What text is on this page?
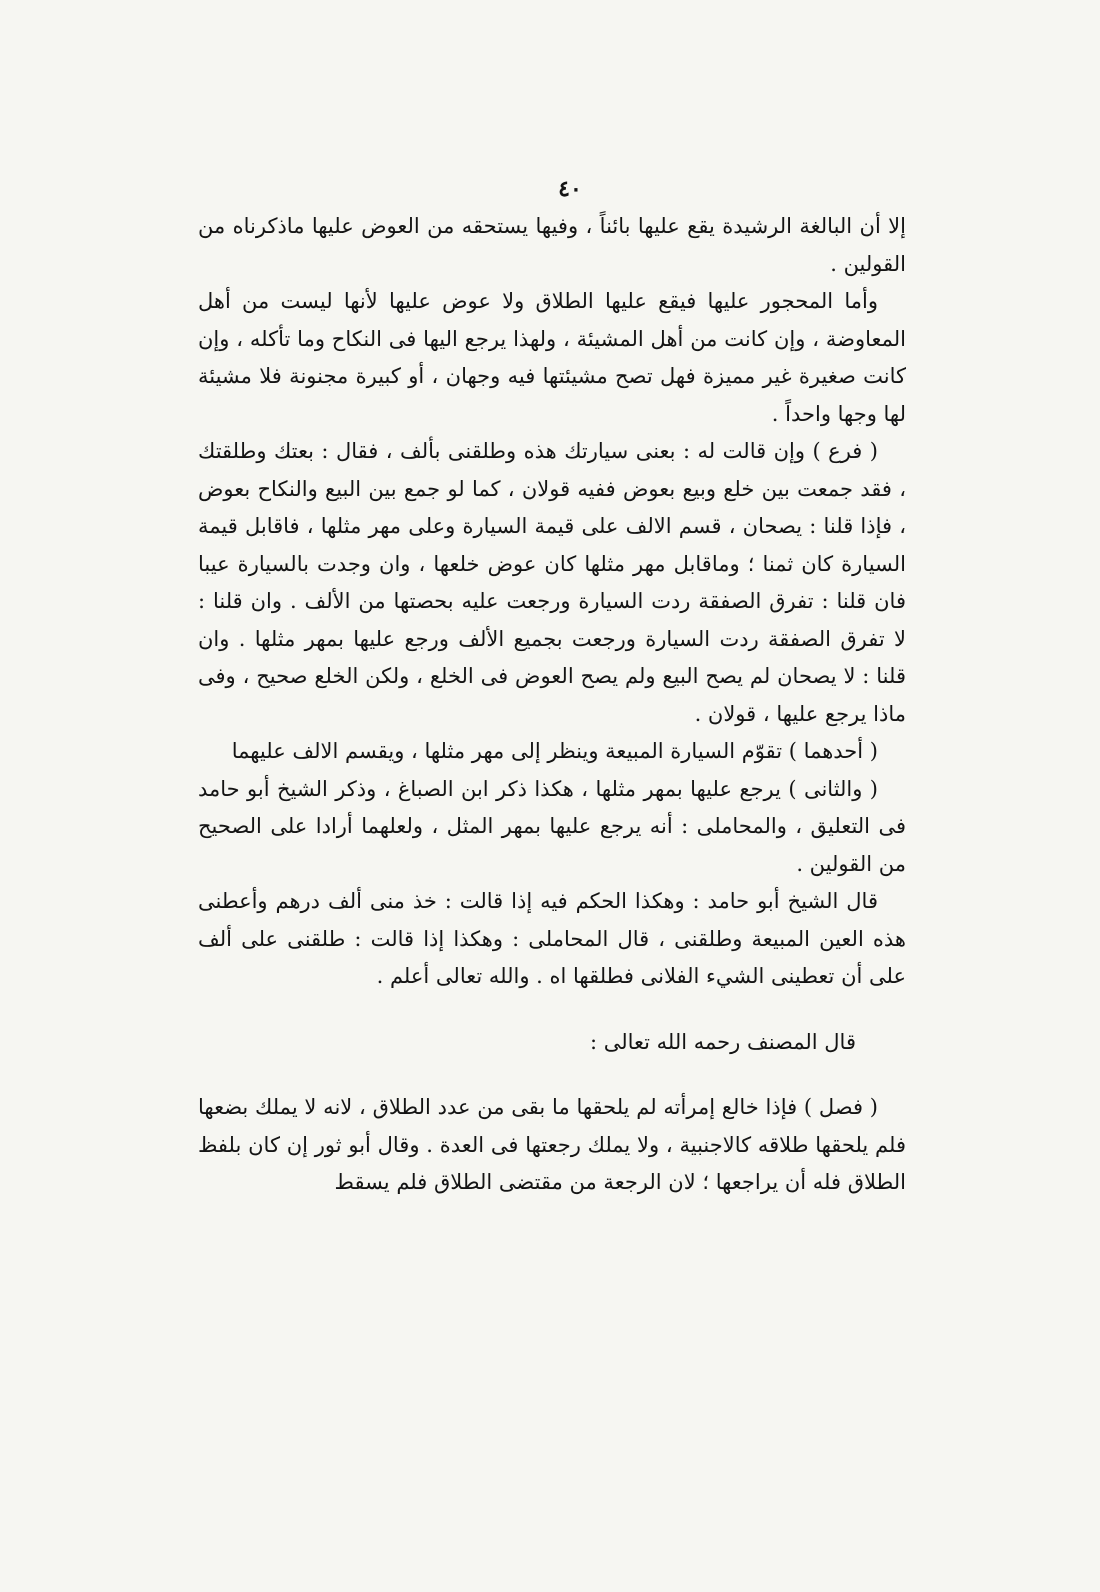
٤٠

إلا أن البالغة الرشيدة يقع عليها بائناً ، وفيها يستحقه من العوض عليها ماذكرناه من القولين .

وأما المحجور عليها فيقع عليها الطلاق ولا عوض عليها لأنها ليست من أهل المعاوضة ، وإن كانت من أهل المشيئة ، ولهذا يرجع اليها فى النكاح وما تأكله ، وإن كانت صغيرة غير مميزة فهل تصح مشيئتها فيه وجهان ، أو كبيرة مجنونة فلا مشيئة لها وجها واحداً .

( فرع ) وإن قالت له : بعنى سيارتك هذه وطلقنى بألف ، فقال : بعتك وطلقتك ، فقد جمعت بين خلع وبيع بعوض ففيه قولان ، كما لو جمع بين البيع والنكاح بعوض ، فإذا قلنا : يصحان ، قسم الالف على قيمة السيارة وعلى مهر مثلها ، فاقابل قيمة السيارة كان ثمنا ؛ وماقابل مهر مثلها كان عوض خلعها ، وان وجدت بالسيارة عيبا فان قلنا : تفرق الصفقة ردت السيارة ورجعت عليه بحصتها من الألف . وان قلنا : لا تفرق الصفقة ردت السيارة ورجعت بجميع الألف ورجع عليها بمهر مثلها . وان قلنا : لا يصحان لم يصح البيع ولم يصح العوض فى الخلع ، ولكن الخلع صحيح ، وفى ماذا يرجع عليها ، قولان .

( أحدهما ) تقوّم السيارة المبيعة وينظر إلى مهر مثلها ، ويقسم الالف عليهما

( والثانى ) يرجع عليها بمهر مثلها ، هكذا ذكر ابن الصباغ ، وذكر الشيخ أبو حامد فى التعليق ، والمحاملى : أنه يرجع عليها بمهر المثل ، ولعلهما أرادا على الصحيح من القولين .

قال الشيخ أبو حامد : وهكذا الحكم فيه إذا قالت : خذ منى ألف درهم وأعطنى هذه العين المبيعة وطلقنى ، قال المحاملى : وهكذا إذا قالت : طلقنى على ألف على أن تعطينى الشيء الفلانى فطلقها اه . والله تعالى أعلم .

قال المصنف رحمه الله تعالى :

( فصل ) فإذا خالع إمرأته لم يلحقها ما بقى من عدد الطلاق ، لانه لا يملك بضعها فلم يلحقها طلاقه كالاجنبية ، ولا يملك رجعتها فى العدة . وقال أبو ثور إن كان بلفظ الطلاق فله أن يراجعها ؛ لان الرجعة من مقتضى الطلاق فلم يسقط
